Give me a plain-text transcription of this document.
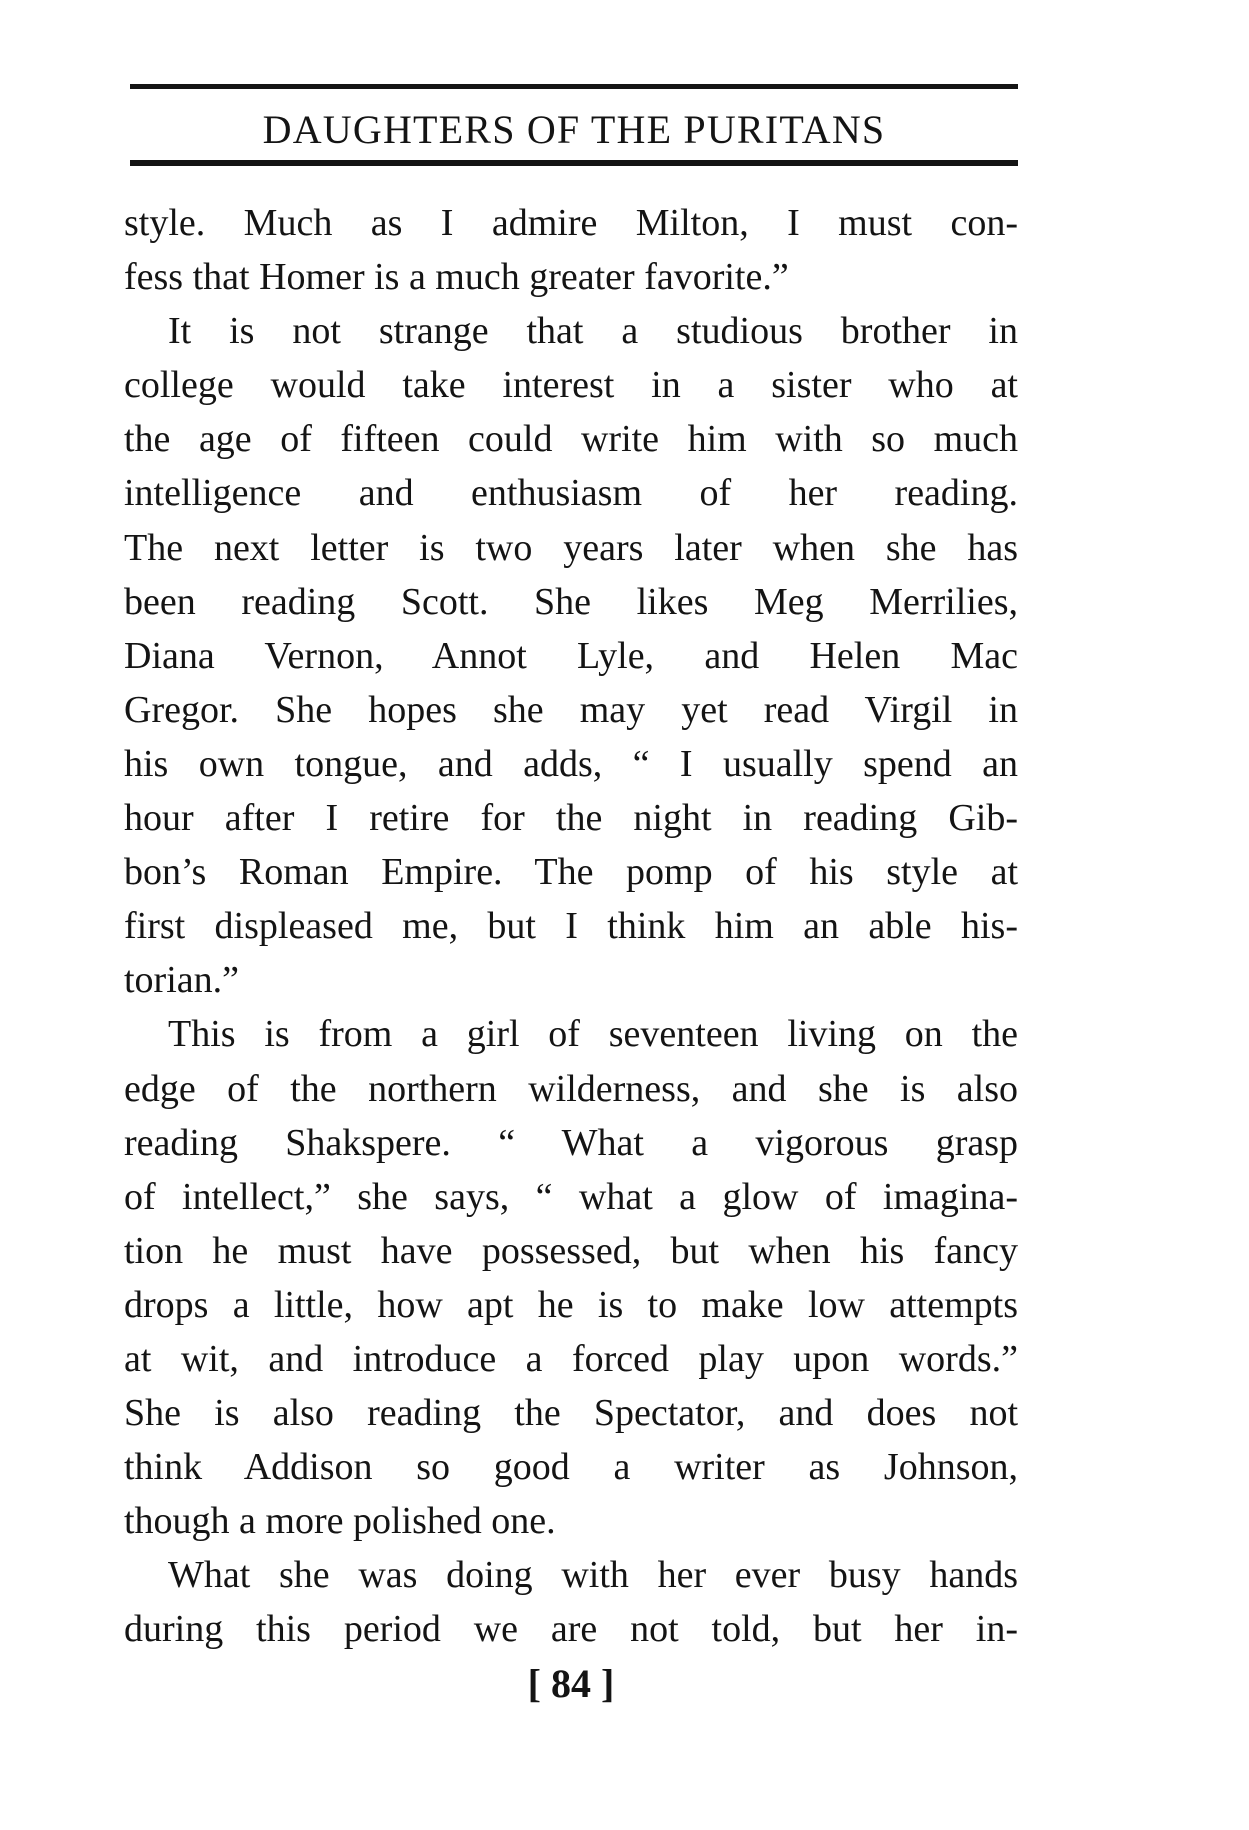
DAUGHTERS OF THE PURITANS
style. Much as I admire Milton, I must con-
fess that Homer is a much greater favorite.”
It is not strange that a studious brother in
college would take interest in a sister who at
the age of fifteen could write him with so much
intelligence and enthusiasm of her reading.
The next letter is two years later when she has
been reading Scott. She likes Meg Merrilies,
Diana Vernon, Annot Lyle, and Helen Mac
Gregor. She hopes she may yet read Virgil in
his own tongue, and adds, “ I usually spend an
hour after I retire for the night in reading Gib-
bon’s Roman Empire. The pomp of his style at
first displeased me, but I think him an able his-
torian.”
This is from a girl of seventeen living on the
edge of the northern wilderness, and she is also
reading Shakspere. “ What a vigorous grasp
of intellect,” she says, “ what a glow of imagina-
tion he must have possessed, but when his fancy
drops a little, how apt he is to make low attempts
at wit, and introduce a forced play upon words.”
She is also reading the Spectator, and does not
think Addison so good a writer as Johnson,
though a more polished one.
What she was doing with her ever busy hands
during this period we are not told, but her in-
[ 84 ]
